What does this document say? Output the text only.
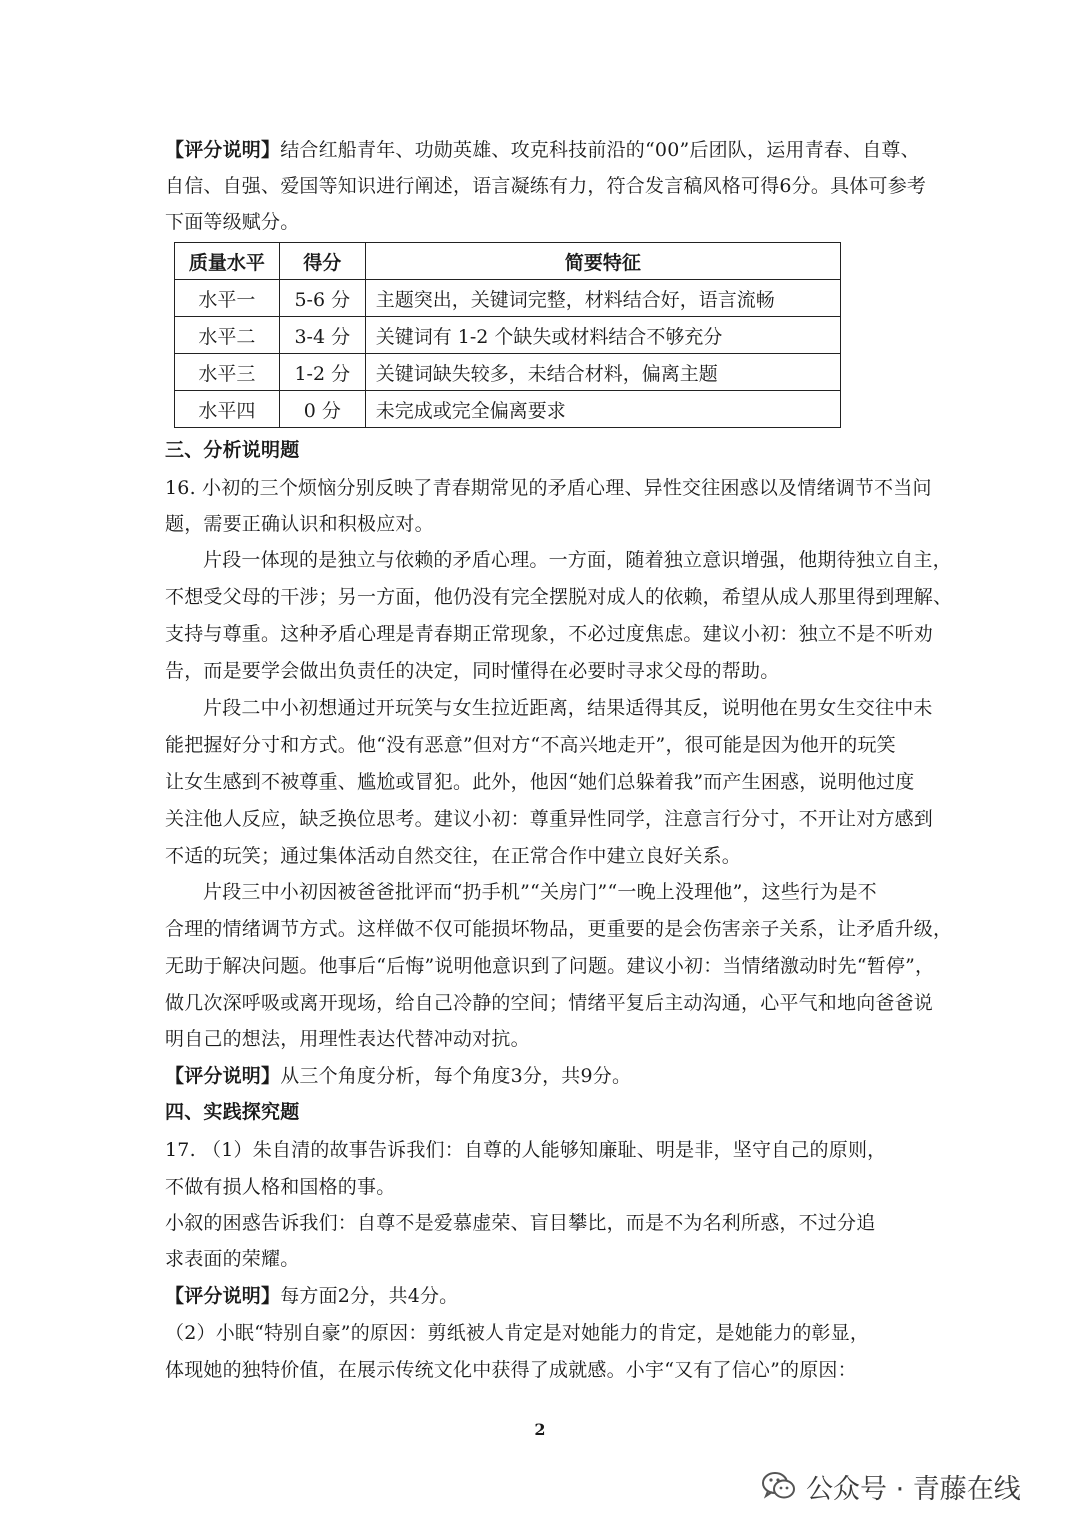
【评分说明】结合红船青年、功勋英雄、攻克科技前沿的“00”后团队，运用青春、自尊、
自信、自强、爱国等知识进行阐述，语言凝练有力，符合发言稿风格可得6分。具体可参考
下面等级赋分。
质量水平	得分	简要特征
水平一	5-6 分	主题突出，关键词完整，材料结合好，语言流畅
水平二	3-4 分	关键词有 1-2 个缺失或材料结合不够充分
水平三	1-2 分	关键词缺失较多，未结合材料，偏离主题
水平四	0 分	未完成或完全偏离要求
三、分析说明题
16. 小初的三个烦恼分别反映了青春期常见的矛盾心理、异性交往困惑以及情绪调节不当问
题，需要正确认识和积极应对。
片段一体现的是独立与依赖的矛盾心理。一方面，随着独立意识增强，他期待独立自主，
不想受父母的干涉；另一方面，他仍没有完全摆脱对成人的依赖，希望从成人那里得到理解、
支持与尊重。这种矛盾心理是青春期正常现象，不必过度焦虑。建议小初：独立不是不听劝
告，而是要学会做出负责任的决定，同时懂得在必要时寻求父母的帮助。
片段二中小初想通过开玩笑与女生拉近距离，结果适得其反，说明他在男女生交往中未
能把握好分寸和方式。他“没有恶意”但对方“不高兴地走开”，很可能是因为他开的玩笑
让女生感到不被尊重、尴尬或冒犯。此外，他因“她们总躲着我”而产生困惑，说明他过度
关注他人反应，缺乏换位思考。建议小初：尊重异性同学，注意言行分寸，不开让对方感到
不适的玩笑；通过集体活动自然交往，在正常合作中建立良好关系。
片段三中小初因被爸爸批评而“扔手机”“关房门”“一晚上没理他”，这些行为是不
合理的情绪调节方式。这样做不仅可能损坏物品，更重要的是会伤害亲子关系，让矛盾升级，
无助于解决问题。他事后“后悔”说明他意识到了问题。建议小初：当情绪激动时先“暂停”，
做几次深呼吸或离开现场，给自己冷静的空间；情绪平复后主动沟通，心平气和地向爸爸说
明自己的想法，用理性表达代替冲动对抗。
【评分说明】从三个角度分析，每个角度3分，共9分。
四、实践探究题
17. （1）朱自清的故事告诉我们：自尊的人能够知廉耻、明是非，坚守自己的原则，
不做有损人格和国格的事。
小叙的困惑告诉我们：自尊不是爱慕虚荣、盲目攀比，而是不为名利所惑，不过分追
求表面的荣耀。
【评分说明】每方面2分，共4分。
（2）小眠“特别自豪”的原因：剪纸被人肯定是对她能力的肯定，是她能力的彰显，
体现她的独特价值，在展示传统文化中获得了成就感。小宇“又有了信心”的原因：
2
公众号 · 青藤在线
